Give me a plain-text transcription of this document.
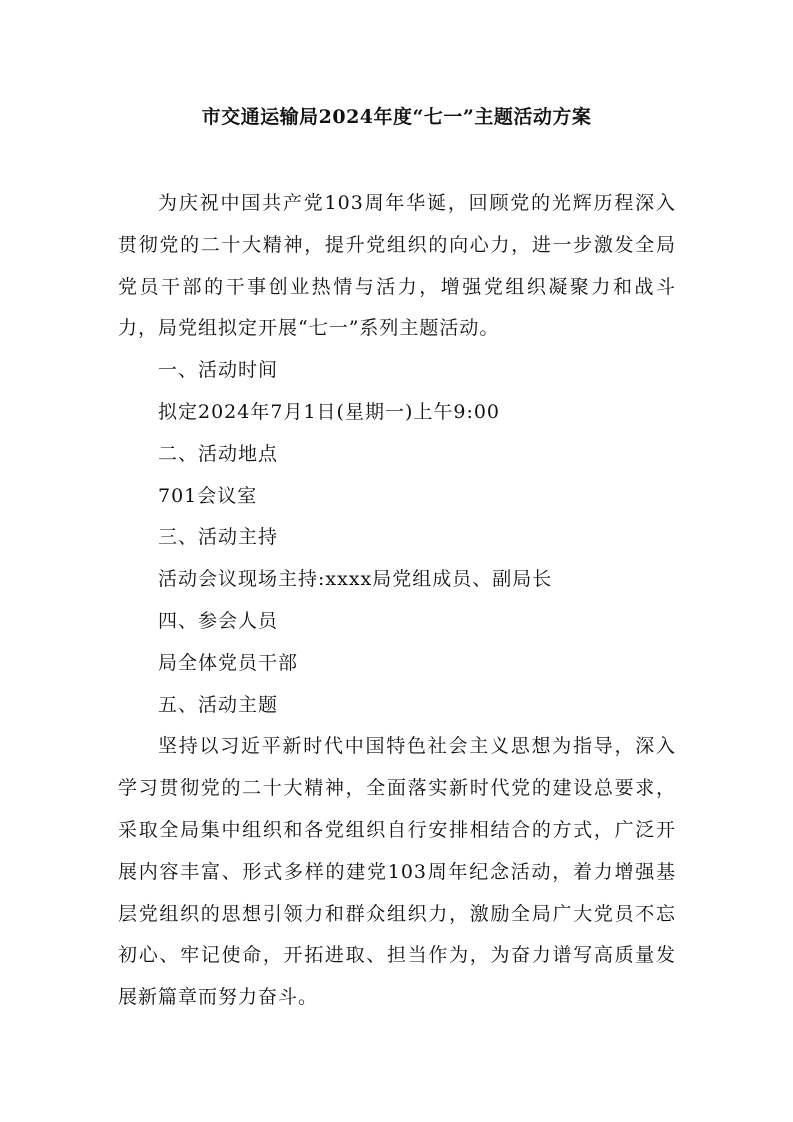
市交通运输局2024年度“七一”主题活动方案

为庆祝中国共产党103周年华诞，回顾党的光辉历程深入贯彻党的二十大精神，提升党组织的向心力，进一步激发全局党员干部的干事创业热情与活力，增强党组织凝聚力和战斗力，局党组拟定开展“七一”系列主题活动。

一、活动时间

拟定2024年7月1日(星期一)上午9:00

二、活动地点

701会议室

三、活动主持

活动会议现场主持:xxxx局党组成员、副局长

四、参会人员

局全体党员干部

五、活动主题

坚持以习近平新时代中国特色社会主义思想为指导，深入学习贯彻党的二十大精神，全面落实新时代党的建设总要求，采取全局集中组织和各党组织自行安排相结合的方式，广泛开展内容丰富、形式多样的建党103周年纪念活动，着力增强基层党组织的思想引领力和群众组织力，激励全局广大党员不忘初心、牢记使命，开拓进取、担当作为，为奋力谱写高质量发展新篇章而努力奋斗。
